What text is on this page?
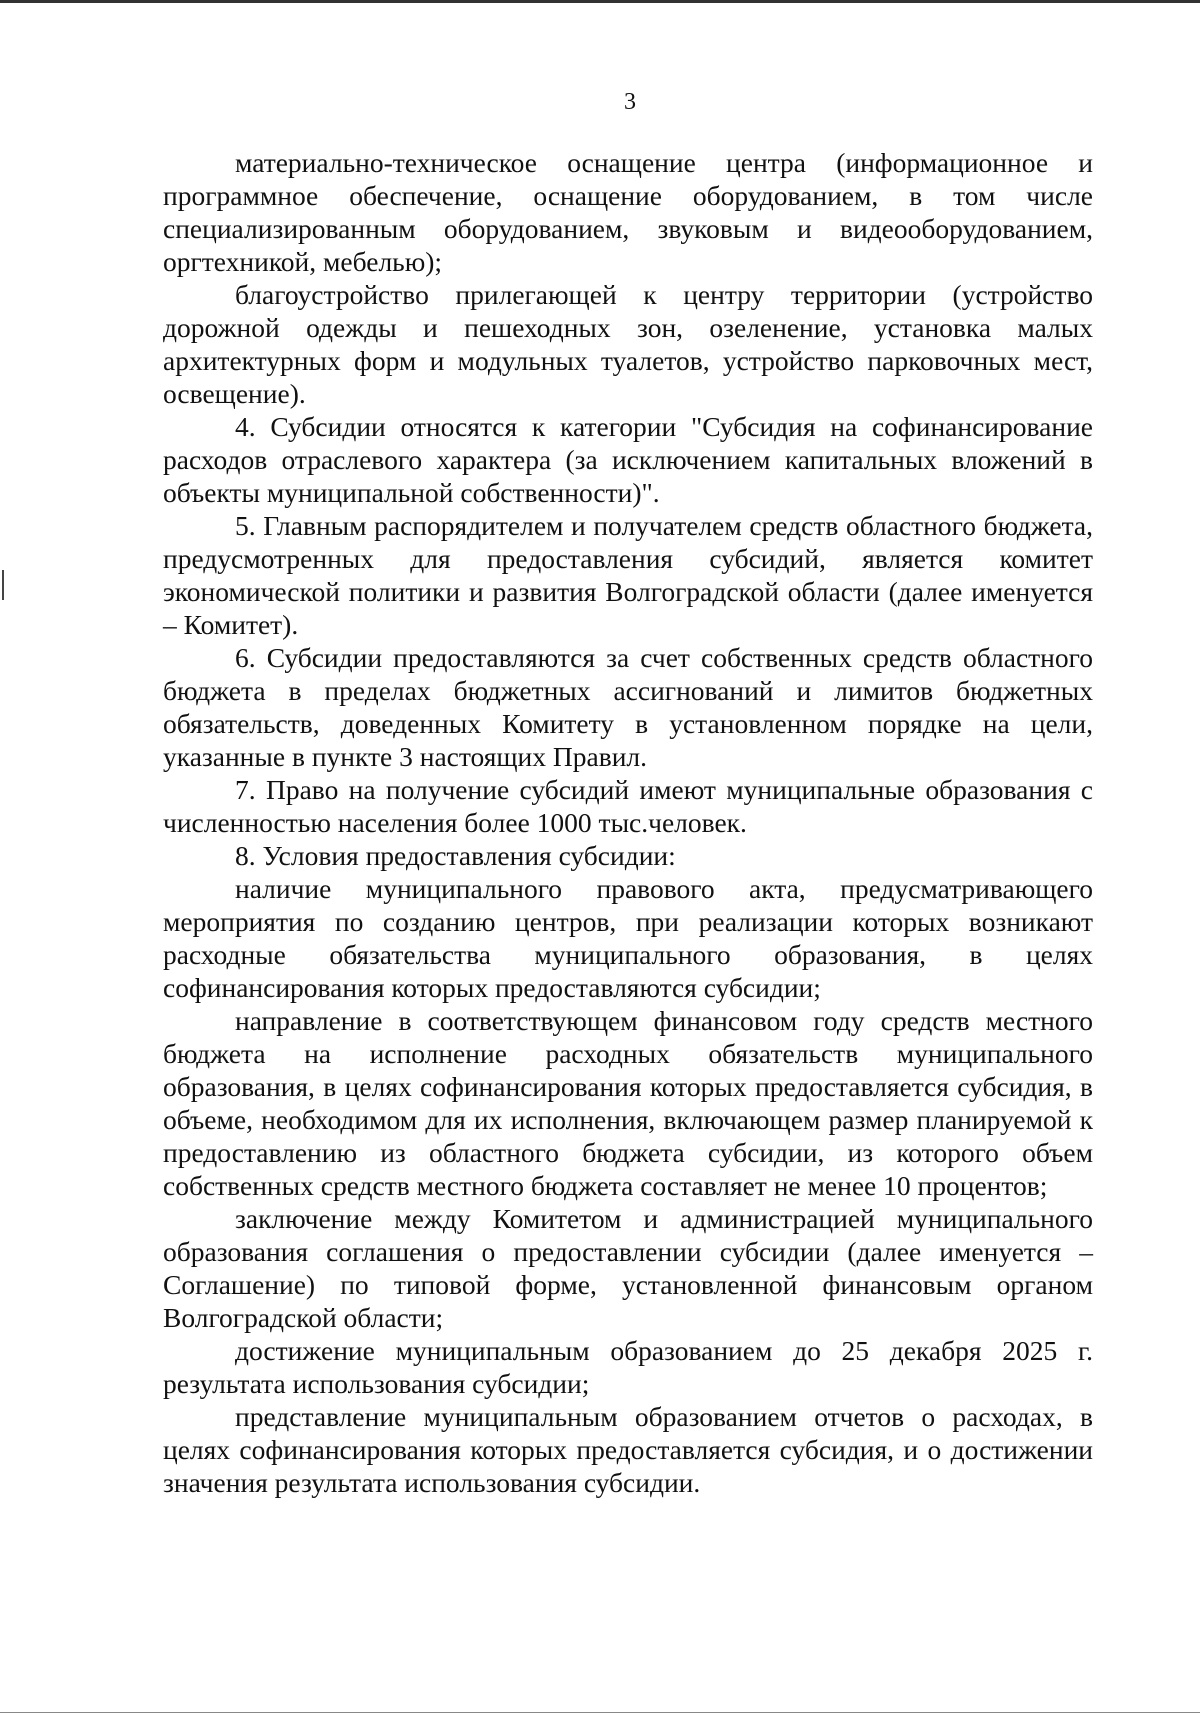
3

материально-техническое оснащение центра (информационное и программное обеспечение, оснащение оборудованием, в том числе специализированным оборудованием, звуковым и видеооборудованием, оргтехникой, мебелью);

благоустройство прилегающей к центру территории (устройство дорожной одежды и пешеходных зон, озеленение, установка малых архитектурных форм и модульных туалетов, устройство парковочных мест, освещение).

4. Субсидии относятся к категории "Субсидия на софинансирование расходов отраслевого характера (за исключением капитальных вложений в объекты муниципальной собственности)".

5. Главным распорядителем и получателем средств областного бюджета, предусмотренных для предоставления субсидий, является комитет экономической политики и развития Волгоградской области (далее именуется – Комитет).

6. Субсидии предоставляются за счет собственных средств областного бюджета в пределах бюджетных ассигнований и лимитов бюджетных обязательств, доведенных Комитету в установленном порядке на цели, указанные в пункте 3 настоящих Правил.

7. Право на получение субсидий имеют муниципальные образования с численностью населения более 1000 тыс.человек.

8. Условия предоставления субсидии:

наличие муниципального правового акта, предусматривающего мероприятия по созданию центров, при реализации которых возникают расходные обязательства муниципального образования, в целях софинансирования которых предоставляются субсидии;

направление в соответствующем финансовом году средств местного бюджета на исполнение расходных обязательств муниципального образования, в целях софинансирования которых предоставляется субсидия, в объеме, необходимом для их исполнения, включающем размер планируемой к предоставлению из областного бюджета субсидии, из которого объем собственных средств местного бюджета составляет не менее 10 процентов;

заключение между Комитетом и администрацией муниципального образования соглашения о предоставлении субсидии (далее именуется – Соглашение) по типовой форме, установленной финансовым органом Волгоградской области;

достижение муниципальным образованием до 25 декабря 2025 г. результата использования субсидии;

представление муниципальным образованием отчетов о расходах, в целях софинансирования которых предоставляется субсидия, и о достижении значения результата использования субсидии.
